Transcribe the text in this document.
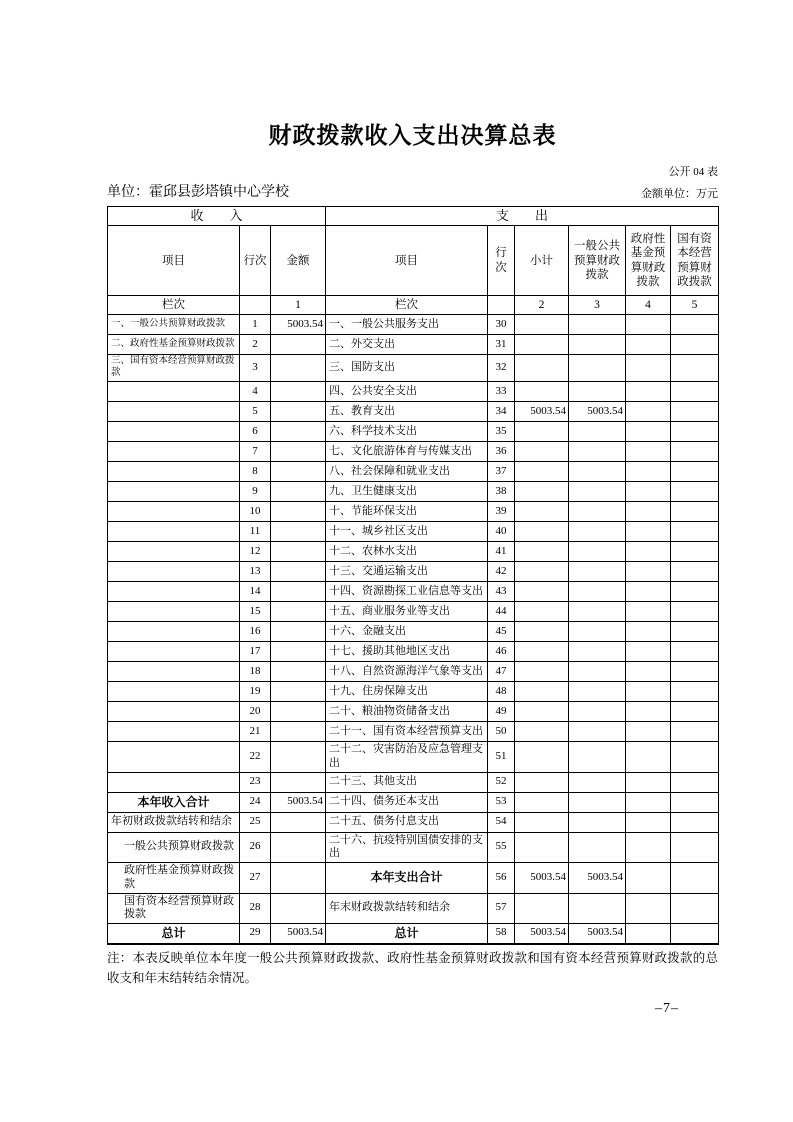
财政拨款收入支出决算总表
公开 04 表
单位：霍邱县彭塔镇中心学校	金额单位：万元
收　　入			支　　出					
项目	行次	金额	项目	行次	小计	一般公共预算财政拨款	政府性基金预算财政拨款	国有资本经营预算财政拨款
栏次		1	栏次		2	3	4	5
一、一般公共预算财政拨款	1	5003.54	一、一般公共服务支出	30				
二、政府性基金预算财政拨款	2		二、外交支出	31				
三、国有资本经营预算财政拨款	3		三、国防支出	32				
	4		四、公共安全支出	33				
	5		五、教育支出	34	5003.54	5003.54		
	6		六、科学技术支出	35				
	7		七、文化旅游体育与传媒支出	36				
	8		八、社会保障和就业支出	37				
	9		九、卫生健康支出	38				
	10		十、节能环保支出	39				
	11		十一、城乡社区支出	40				
	12		十二、农林水支出	41				
	13		十三、交通运输支出	42				
	14		十四、资源勘探工业信息等支出	43				
	15		十五、商业服务业等支出	44				
	16		十六、金融支出	45				
	17		十七、援助其他地区支出	46				
	18		十八、自然资源海洋气象等支出	47				
	19		十九、住房保障支出	48				
	20		二十、粮油物资储备支出	49				
	21		二十一、国有资本经营预算支出	50				
	22		二十二、灾害防治及应急管理支出	51				
	23		二十三、其他支出	52				
本年收入合计	24	5003.54	二十四、债务还本支出	53				
年初财政拨款结转和结余	25		二十五、债务付息支出	54				
一般公共预算财政拨款	26		二十六、抗疫特别国债安排的支出	55				
政府性基金预算财政拨款	27		本年支出合计	56	5003.54	5003.54		
国有资本经营预算财政拨款	28		年末财政拨款结转和结余	57				
总计	29	5003.54	总计	58	5003.54	5003.54		
注：本表反映单位本年度一般公共预算财政拨款、政府性基金预算财政拨款和国有资本经营预算财政拨款的总收支和年末结转结余情况。
–7–
